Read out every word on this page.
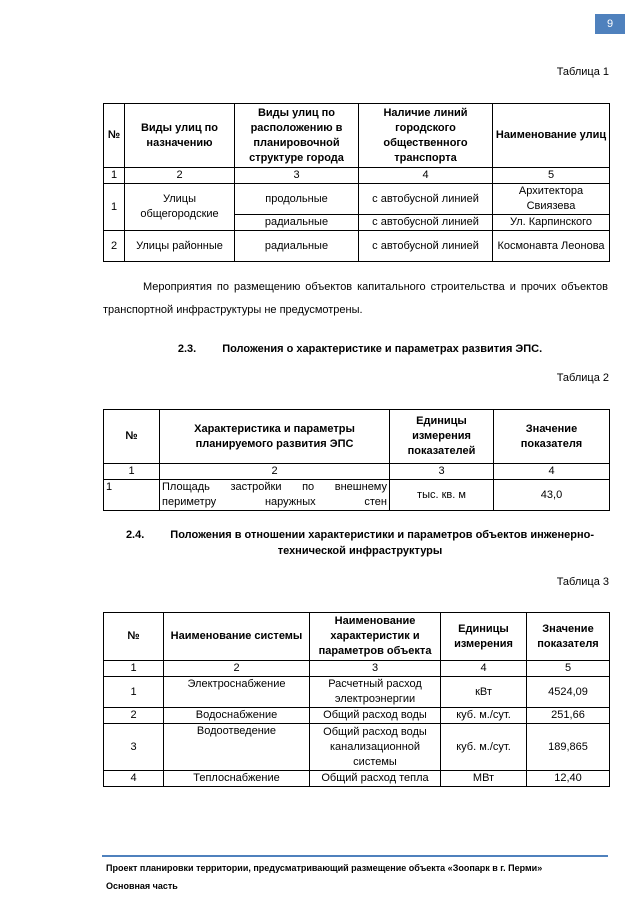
9
Таблица 1
№	Виды улиц по назначению	Виды улиц по расположению в планировочной структуре города	Наличие линий городского общественного транспорта	Наименование улиц
1	2	3	4	5
1	Улицы общегородские	продольные	с автобусной линией	Архитектора Свиязева
		радиальные	с автобусной линией	Ул. Карпинского
2	Улицы районные	радиальные	с автобусной линией	Космонавта Леонова
Мероприятия по размещению объектов капитального строительства и прочих объектов транспортной инфраструктуры не предусмотрены.
2.3. Положения о характеристике и параметрах развития ЭПС.
Таблица 2
№	Характеристика и параметры планируемого развития ЭПС	Единицы измерения показателей	Значение показателя
1	2	3	4
1	Площадь застройки по внешнему периметру наружных стен	тыс. кв. м	43,0
2.4. Положения в отношении характеристики и параметров объектов инженерно-технической инфраструктуры
Таблица 3
№	Наименование системы	Наименование характеристик и параметров объекта	Единицы измерения	Значение показателя
1	2	3	4	5
1	Электроснабжение	Расчетный расход электроэнергии	кВт	4524,09
2	Водоснабжение	Общий расход воды	куб. м./сут.	251,66
3	Водоотведение	Общий расход воды канализационной системы	куб. м./сут.	189,865
4	Теплоснабжение	Общий расход тепла	МВт	12,40
Проект планировки территории, предусматривающий размещение объекта «Зоопарк в г. Перми»
Основная часть
